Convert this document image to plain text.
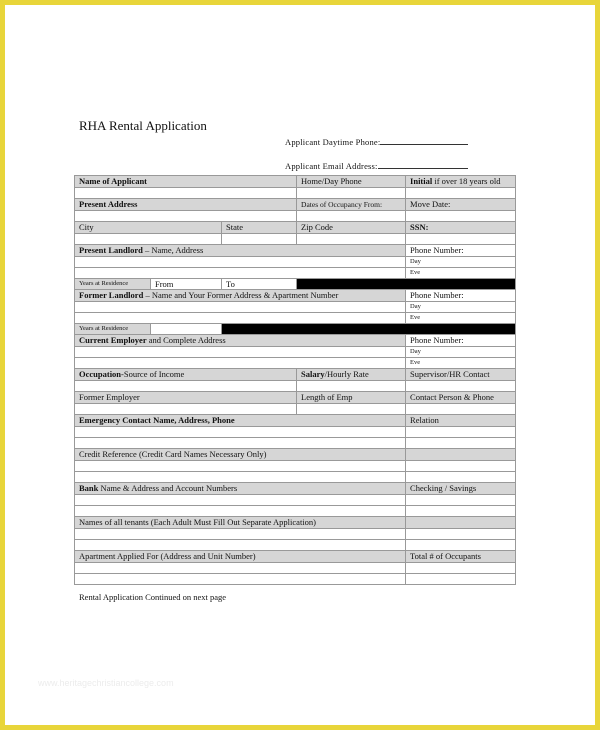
RHA Rental Application
Applicant Daytime Phone:
Applicant Email Address:
Name of Applicant			Home/Day Phone	Initial if over 18 years old

Present Address			Dates of Occupancy From:	Move Date:

City		State	Zip Code	SSN:

Present Landlord – Name, Address				Phone Number:
				Day
				Eve
Years at Residence	From	To		
Former Landlord – Name and Your Former Address & Apartment Number				Phone Number:
				Day
				Eve
Years at Residence				
Current Employer and Complete Address				Phone Number:
				Day
				Eve
Occupation-Source of Income			Salary/Hourly Rate	Supervisor/HR Contact

Former Employer			Length of Emp	Contact Person & Phone

Emergency Contact Name, Address, Phone				Relation

Credit Reference (Credit Card Names Necessary Only)				

Bank Name & Address and Account Numbers				Checking / Savings

Names of all tenants (Each Adult Must Fill Out Separate Application)				

Apartment Applied For (Address and Unit Number)				Total # of Occupants

Rental Application Continued on next page
www.heritagechristiancollege.com
